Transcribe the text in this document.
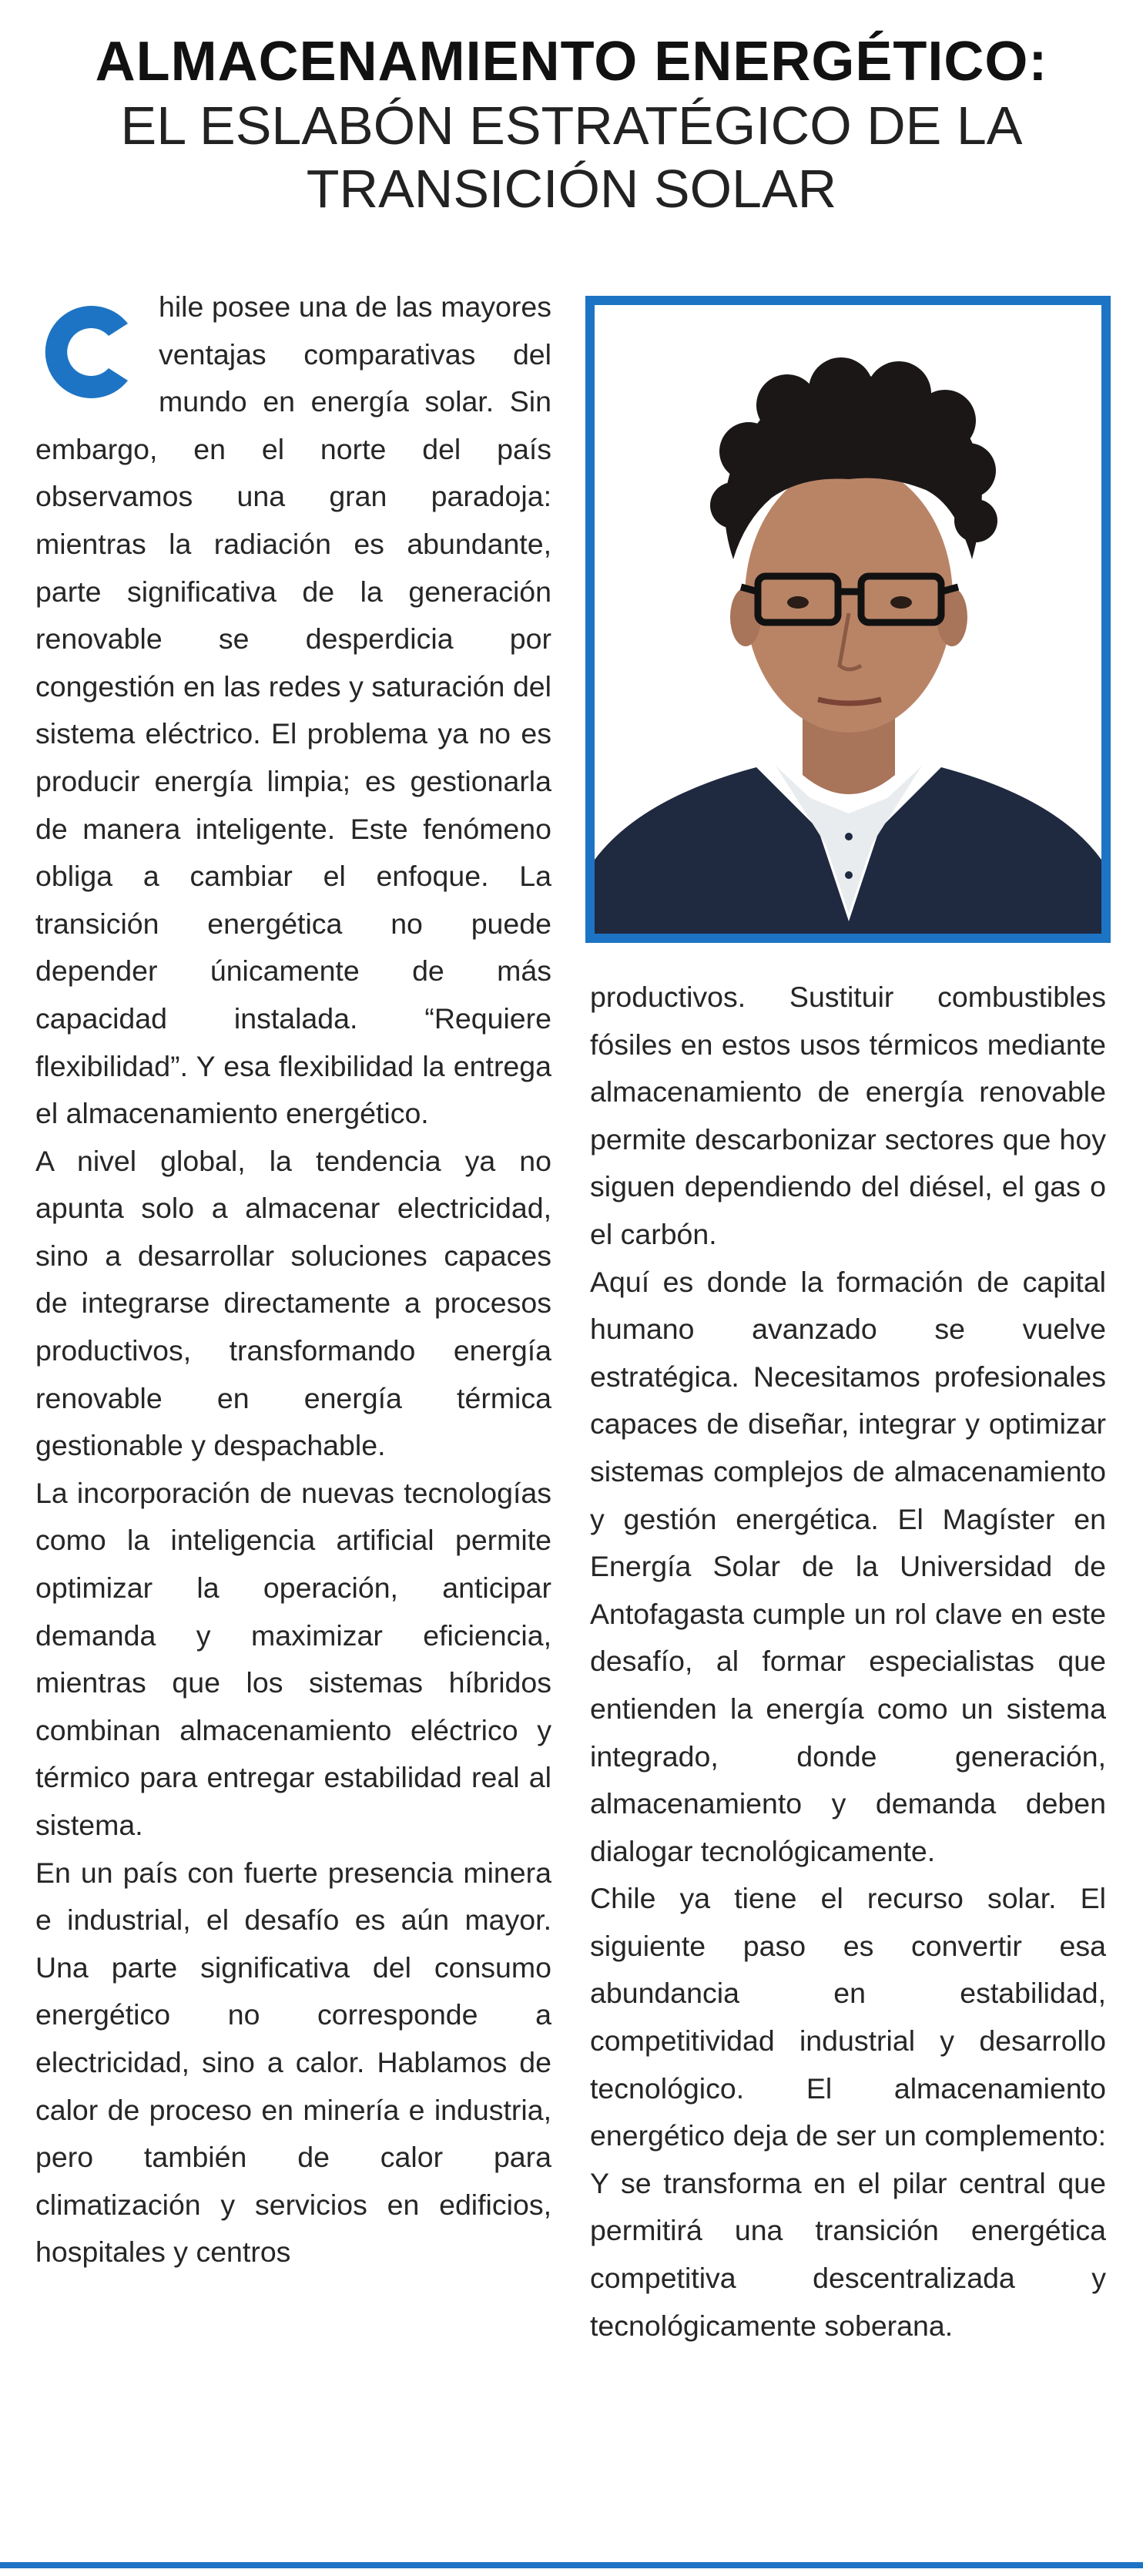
ALMACENAMIENTO ENERGÉTICO:
EL ESLABÓN ESTRATÉGICO DE LA TRANSICIÓN SOLAR

hile posee una de las mayores ventajas comparativas del mundo en energía solar. Sin embargo, en el norte del país observamos una gran paradoja: mientras la radiación es abundante, parte significativa de la generación renovable se desperdicia por congestión en las redes y saturación del sistema eléctrico. El problema ya no es producir energía limpia; es gestionarla de manera inteligente. Este fenómeno obliga a cambiar el enfoque. La transición energética no puede depender únicamente de más capacidad instalada. “Requiere flexibilidad”. Y esa flexibilidad la entrega el almacenamiento energético.

A nivel global, la tendencia ya no apunta solo a almacenar electricidad, sino a desarrollar soluciones capaces de integrarse directamente a procesos productivos, transformando energía renovable en energía térmica gestionable y despachable.

La incorporación de nuevas tecnologías como la inteligencia artificial permite optimizar la operación, anticipar demanda y maximizar eficiencia, mientras que los sistemas híbridos combinan almacenamiento eléctrico y térmico para entregar estabilidad real al sistema.

En un país con fuerte presencia minera e industrial, el desafío es aún mayor. Una parte significativa del consumo energético no corresponde a electricidad, sino a calor. Hablamos de calor de proceso en minería e industria, pero también de calor para climatización y servicios en edificios, hospitales y centros

productivos. Sustituir combustibles fósiles en estos usos térmicos mediante almacenamiento de energía renovable permite descarbonizar sectores que hoy siguen dependiendo del diésel, el gas o el carbón.

Aquí es donde la formación de capital humano avanzado se vuelve estratégica. Necesitamos profesionales capaces de diseñar, integrar y optimizar sistemas complejos de almacenamiento y gestión energética. El Magíster en Energía Solar de la Universidad de Antofagasta cumple un rol clave en este desafío, al formar especialistas que entienden la energía como un sistema integrado, donde generación, almacenamiento y demanda deben dialogar tecnológicamente.

Chile ya tiene el recurso solar. El siguiente paso es convertir esa abundancia en estabilidad, competitividad industrial y desarrollo tecnológico. El almacenamiento energético deja de ser un complemento: Y se transforma en el pilar central que permitirá una transición energética competitiva descentralizada y tecnológicamente soberana.
